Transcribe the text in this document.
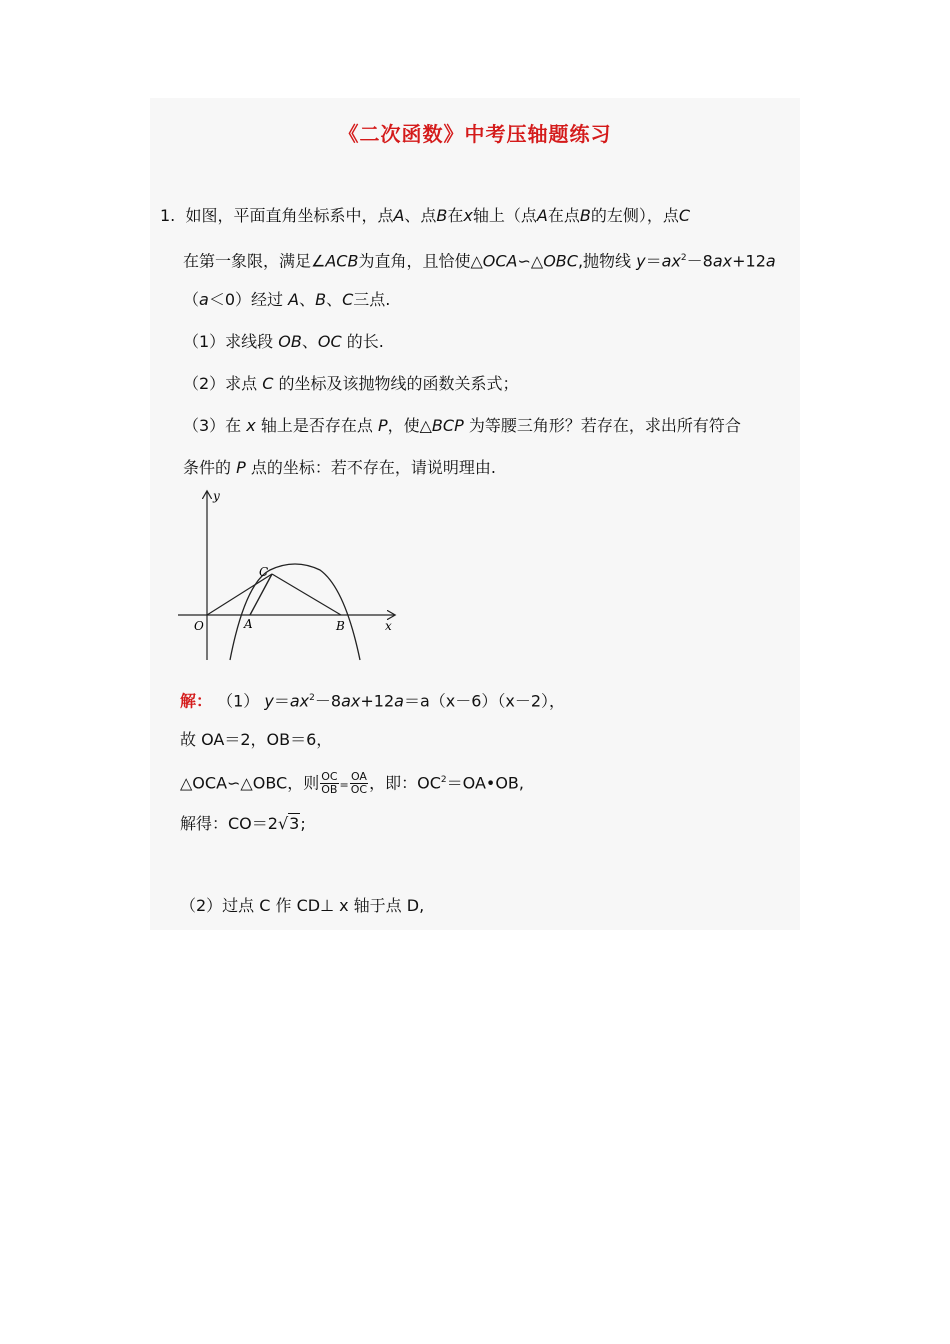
《二次函数》中考压轴题练习
1. 如图，平面直角坐标系中，点A、点B在x轴上（点A在点B的左侧），点C
在第一象限，满足∠ACB为直角，且恰使△OCA∽△OBC,抛物线 $y=ax^2-8ax+12a$
（a＜0）经过 A、B、C三点.
（1）求线段 OB、OC 的长.
（2）求点 C 的坐标及该抛物线的函数关系式；
（3）在 x 轴上是否存在点 P，使△BCP 为等腰三角形？若存在，求出所有符合
条件的 P 点的坐标：若不存在，请说明理由.
y
x
O	A	B
C
解： （1） $y=ax^2-8ax+12a=a(x-6)(x-2)$，
故 OA＝2，OB＝6，
△OCA∽△OBC，则 $\frac{OC}{OB} = \frac{OA}{OC}$ ，即：$OC^2=OA•OB$,
解得：CO＝2√3;
（2）过点 C 作 CD⊥ x 轴于点 D,
